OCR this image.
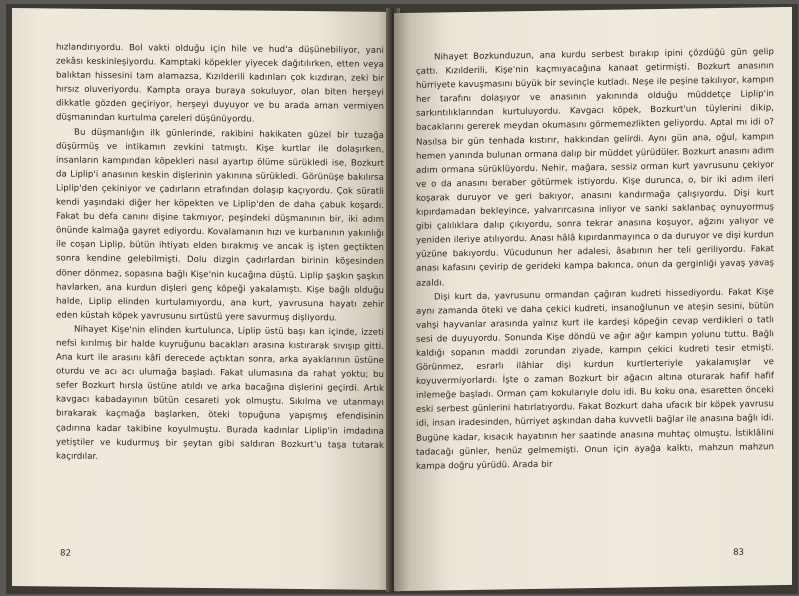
hızlandırıyordu. Bol vakti olduğu için hile ve hud'a düşünebiliyor, yani zekâsı keskinleşiyordu. Kamptaki köpekler yiyecek dağıtılırken, etten veya balıktan hissesini tam alamazsa, Kızılderili kadınları çok kızdıran, zeki bir hırsız oluveriyordu. Kampta oraya buraya sokuluyor, olan biten herşeyi dikkatle gözden geçiriyor, herşeyi duyuyor ve bu arada aman vermiyen düşmanından kurtulma çareleri düşünüyordu.

Bu düşmanlığın ilk günlerinde, rakibini hakikaten güzel bir tuzağa düşürmüş ve intikamın zevkini tatmıştı. Kişe kurtlar ile dolaşırken, insanların kampından köpekleri nasıl ayartıp ölüme sürükledi ise, Bozkurt da Liplip'i anasının keskin dişlerinin yakınına sürükledi. Görünüşe bakılırsa Liplip'den çekiniyor ve çadırların etrafından dolaşıp kaçıyordu. Çok süratli kendi yaşındaki diğer her köpekten ve Liplip'den de daha çabuk koşardı. Fakat bu defa canını dişine takmıyor, peşindeki düşmanının bir, iki adım önünde kalmağa gayret ediyordu. Kovalamanın hızı ve kurbanının yakınlığı ile coşan Liplip, bütün ihtiyatı elden bırakmış ve ancak iş işten geçtikten sonra kendine gelebilmişti. Dolu dizgin çadırlardan birinin köşesinden döner dönmez, sopasına bağlı Kişe'nin kucağına düştü. Liplip şaşkın şaşkın havlarken, ana kurdun dişleri genç köpeği yakalamıştı. Kişe bağlı olduğu halde, Liplip elinden kurtulamıyordu, ana kurt, yavrusuna hayatı zehir eden küstah köpek yavrusunu sırtüstü yere savurmuş dişliyordu.

Nihayet Kişe'nin elinden kurtulunca, Liplip üstü başı kan içinde, izzeti nefsi kırılmış bir halde kuyruğunu bacakları arasına kıstırarak sıvışıp gitti. Ana kurt ile arasını kâfi derecede açtıktan sonra, arka ayaklarının üstüne oturdu ve acı acı ulumağa başladı. Fakat ulumasına da rahat yoktu; bu sefer Bozkurt hırsla üstüne atıldı ve arka bacağına dişlerini geçirdi. Artık kavgacı kabadayının bütün cesareti yok olmuştu. Sıkılma ve utanmayı bırakarak kaçmağa başlarken, öteki topuğuna yapışmış efendisinin çadırına kadar takibine koyulmuştu. Burada kadınlar Liplip'in imdadına yetiştiler ve kudurmuş bir şeytan gibi saldıran Bozkurt'u taşa tutarak kaçırdılar.

82

Nihayet Bozkunduzun, ana kurdu serbest bırakıp ipini çözdüğü gün gelip çattı. Kızılderili, Kişe'nin kaçmıyacağına kanaat getirmişti. Bozkurt anasının hürriyete kavuşmasını büyük bir sevinçle kutladı. Neşe ile peşine takılıyor, kampın her tarafını dolaşıyor ve anasının yakınında olduğu müddetçe Liplip'in sarkıntılıklarından kurtuluyordu. Kavgacı köpek, Bozkurt'un tüylerini dikip, bacaklarını gererek meydan okumasını görmemezlikten geliyordu. Aptal mı idi o? Nasılsa bir gün tenhada kıstırır, hakkından gelirdi. Aynı gün ana, oğul, kampın hemen yanında bulunan ormana dalıp bir müddet yürüdüler. Bozkurt anasını adım adım ormana sürüklüyordu. Nehir, mağara, sessiz orman kurt yavrusunu çekiyor ve o da anasını beraber götürmek istiyordu. Kişe durunca, o, bir iki adım ileri koşarak duruyor ve geri bakıyor, anasını kandırmağa çalışıyordu. Dişi kurt kıpırdamadan bekleyince, yalvarırcasına inliyor ve sanki saklanbaç oynuyormuş gibi çalılıklara dalıp çıkıyordu, sonra tekrar anasına koşuyor, ağzını yalıyor ve yeniden ileriye atılıyordu. Anası hâlâ kıpırdanmayınca o da duruyor ve dişi kurdun yüzüne bakıyordu. Vücudunun her adalesi, âsabının her teli geriliyordu. Fakat anası kafasını çevirip de gerideki kampa bakınca, onun da gerginliği yavaş yavaş azaldı.

Dişi kurt da, yavrusunu ormandan çağıran kudreti hissediyordu. Fakat Kişe aynı zamanda öteki ve daha çekici kudreti, insanoğlunun ve ateşin sesini, bütün vahşi hayvanlar arasında yalnız kurt ile kardeşi köpeğin cevap verdikleri o tatlı sesi de duyuyordu. Sonunda Kişe döndü ve ağır ağır kampın yolunu tuttu. Bağlı kaldığı sopanın maddi zorundan ziyade, kampın çekici kudreti tesir etmişti. Görünmez, esrarlı ilâhlar dişi kurdun kurtlerteriyle yakalamışlar ve koyuvermiyorlardı. İşte o zaman Bozkurt bir ağacın altına oturarak hafif hafif inlemeğe başladı. Orman çam kokularıyle dolu idi. Bu koku ona, esaretten önceki eski serbest günlerini hatırlatıyordu. Fakat Bozkurt daha ufacık bir köpek yavrusu idi, insan iradesinden, hürriyet aşkından daha kuvvetli bağlar ile anasına bağlı idi. Bugüne kadar, kısacık hayatının her saatinde anasına muhtaç olmuştu. İstiklâlini tadacağı günler, henüz gelmemişti. Onun için ayağa kalktı, mahzun mahzun kampa doğru yürüdü. Arada bir

83
